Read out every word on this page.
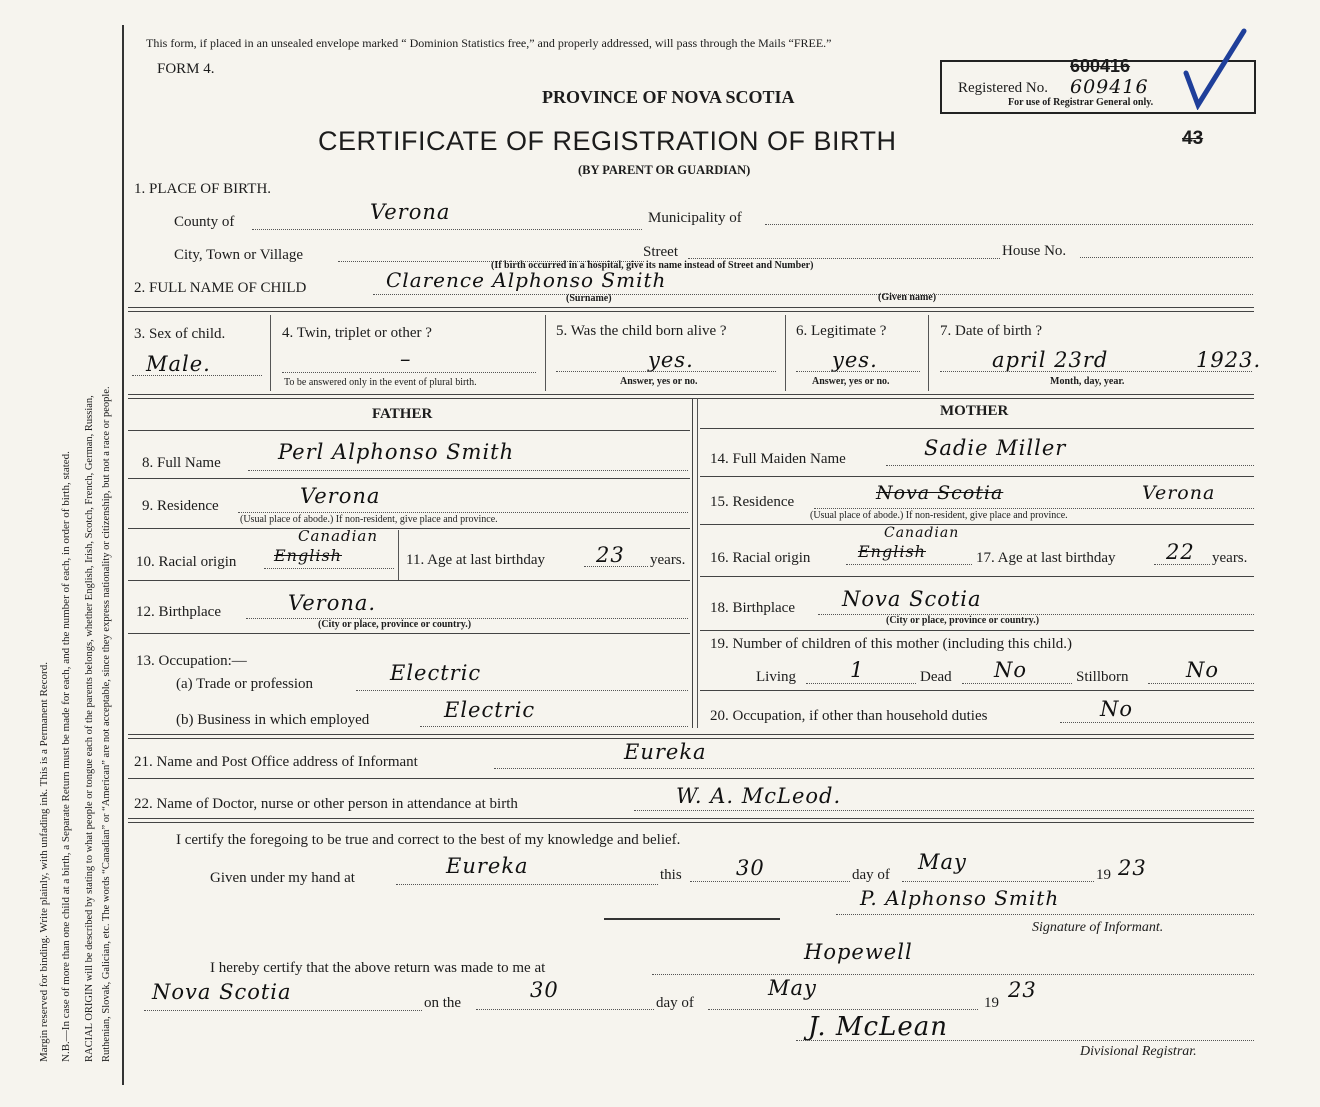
Margin reserved for binding. Write plainly, with unfading ink. This is a Permanent Record. N.B.—In case of more than one child at a birth, a Separate Return must be made for each, and the number of each, in order of birth, stated. RACIAL ORIGIN will be described by stating to what people or tongue each of the parents belongs, whether English, Irish, Scotch, French, German, Russian, Ruthenian, Slovak, Galician, etc. The words “Canadian” or “American” are not acceptable, since they express nationality or citizenship, but not a race or people.
This form, if placed in an unsealed envelope marked “ Dominion Statistics free,” and properly addressed, will pass through the Mails “FREE.”
FORM 4.
PROVINCE OF NOVA SCOTIA
CERTIFICATE OF REGISTRATION OF BIRTH
(BY PARENT OR GUARDIAN)
Registered No.
600416
609416
For use of Registrar General only.
43
1. PLACE OF BIRTH.
County of	Verona	Municipality of
City, Town or Village	Street	House No.
(If birth occurred in a hospital, give its name instead of Street and Number)
2. FULL NAME OF CHILD	Clarence Alphonso Smith
(Surname)	(Given name)
3. Sex of child.
Male.
4. Twin, triplet or other ?
–
To be answered only in the event of plural birth.
5. Was the child born alive ?
yes.
Answer, yes or no.
6. Legitimate ?
yes.
Answer, yes or no.
7. Date of birth ?
april 23rd	1923.
Month, day, year.
FATHER	MOTHER
8. Full Name	Perl Alphonso Smith
9. Residence	Verona
(Usual place of abode.) If non-resident, give place and province.
10. Racial origin English
Canadian
11. Age at last birthday 23 years.
12. Birthplace	Verona.
(City or place, province or country.)
13. Occupation:—
(a) Trade or profession	Electric
(b) Business in which employed	Electric
14. Full Maiden Name	Sadie Miller
15. Residence	Nova Scotia	Verona
(Usual place of abode.) If non-resident, give place and province.
16. Racial origin	English
Canadian
17. Age at last birthday 22 years.
18. Birthplace Nova Scotia
(City or place, province or country.)
19. Number of children of this mother (including this child.)
Living	1	Dead No	Stillborn	No
20. Occupation, if other than household duties	No
21. Name and Post Office address of Informant	Eureka
22. Name of Doctor, nurse or other person in attendance at birth	W. A. McLeod.
I certify the foregoing to be true and correct to the best of my knowledge and belief.
Given under my hand at	Eureka	this	30	day of
May
19 23
P. Alphonso Smith
Signature of Informant.
I hereby certify that the above return was made to me at
Hopewell
Nova Scotia	on the
30
day of
May
19
23
J. McLean
Divisional Registrar.
